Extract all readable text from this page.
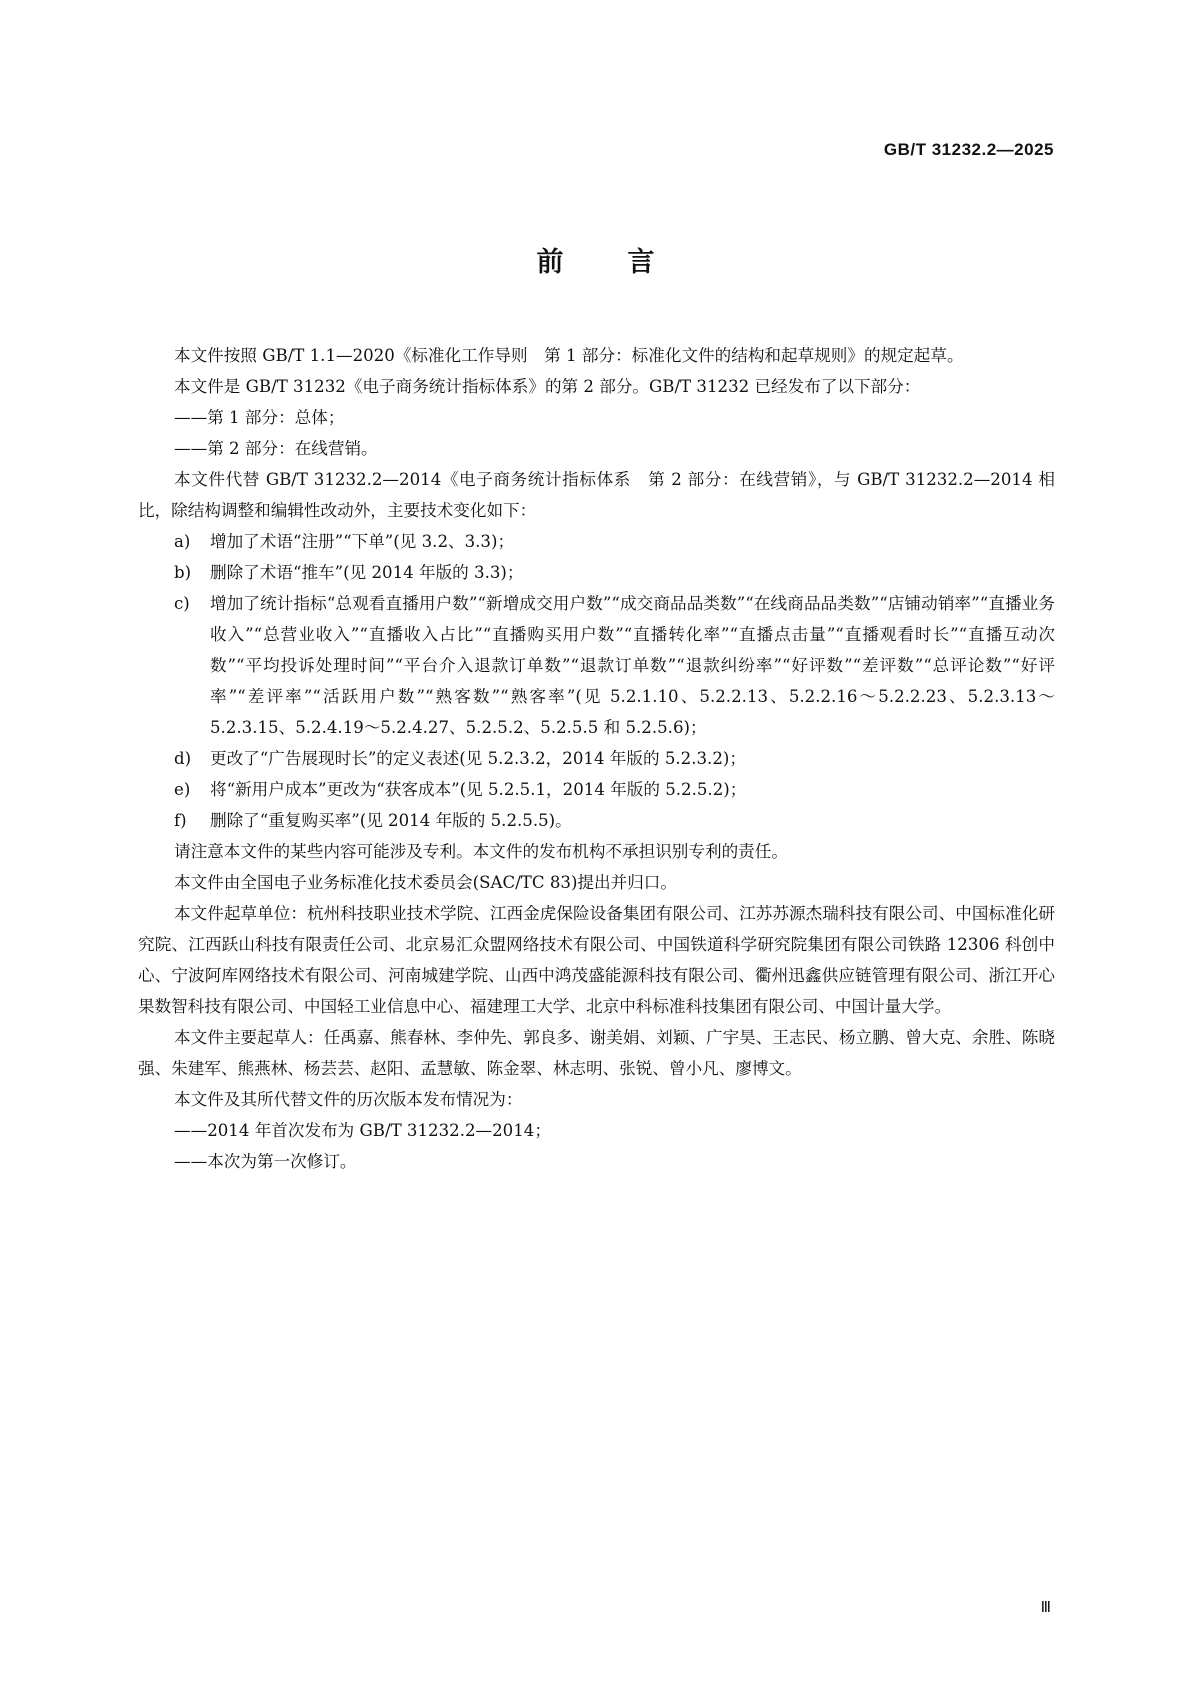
GB/T 31232.2—2025
前 言

本文件按照 GB/T 1.1—2020《标准化工作导则　第 1 部分：标准化文件的结构和起草规则》的规定起草。

本文件是 GB/T 31232《电子商务统计指标体系》的第 2 部分。GB/T 31232 已经发布了以下部分：

——第 1 部分：总体；

——第 2 部分：在线营销。

本文件代替 GB/T 31232.2—2014《电子商务统计指标体系　第 2 部分：在线营销》，与 GB/T 31232.2—2014 相比，除结构调整和编辑性改动外，主要技术变化如下：

a)	增加了术语“注册”“下单”(见 3.2、3.3)；
b)	删除了术语“推车”(见 2014 年版的 3.3)；
c)	增加了统计指标“总观看直播用户数”“新增成交用户数”“成交商品品类数”“在线商品品类数”“店铺动销率”“直播业务收入”“总营业收入”“直播收入占比”“直播购买用户数”“直播转化率”“直播点击量”“直播观看时长”“直播互动次数”“平均投诉处理时间”“平台介入退款订单数”“退款订单数”“退款纠纷率”“好评数”“差评数”“总评论数”“好评率”“差评率”“活跃用户数”“熟客数”“熟客率”(见 5.2.1.10、5.2.2.13、5.2.2.16～5.2.2.23、5.2.3.13～5.2.3.15、5.2.4.19～5.2.4.27、5.2.5.2、5.2.5.5 和 5.2.5.6)；
d)	更改了“广告展现时长”的定义表述(见 5.2.3.2，2014 年版的 5.2.3.2)；
e)	将“新用户成本”更改为“获客成本”(见 5.2.5.1，2014 年版的 5.2.5.2)；
f)	删除了“重复购买率”(见 2014 年版的 5.2.5.5)。

请注意本文件的某些内容可能涉及专利。本文件的发布机构不承担识别专利的责任。

本文件由全国电子业务标准化技术委员会(SAC/TC 83)提出并归口。

本文件起草单位：杭州科技职业技术学院、江西金虎保险设备集团有限公司、江苏苏源杰瑞科技有限公司、中国标准化研究院、江西跃山科技有限责任公司、北京易汇众盟网络技术有限公司、中国铁道科学研究院集团有限公司铁路 12306 科创中心、宁波阿库网络技术有限公司、河南城建学院、山西中鸿茂盛能源科技有限公司、衢州迅鑫供应链管理有限公司、浙江开心果数智科技有限公司、中国轻工业信息中心、福建理工大学、北京中科标准科技集团有限公司、中国计量大学。

本文件主要起草人：任禹嘉、熊春林、李仲先、郭良多、谢美娟、刘颖、广宇昊、王志民、杨立鹏、曾大克、余胜、陈晓强、朱建军、熊燕林、杨芸芸、赵阳、孟慧敏、陈金翠、林志明、张锐、曾小凡、廖博文。

本文件及其所代替文件的历次版本发布情况为：

——2014 年首次发布为 GB/T 31232.2—2014；

——本次为第一次修订。

Ⅲ
